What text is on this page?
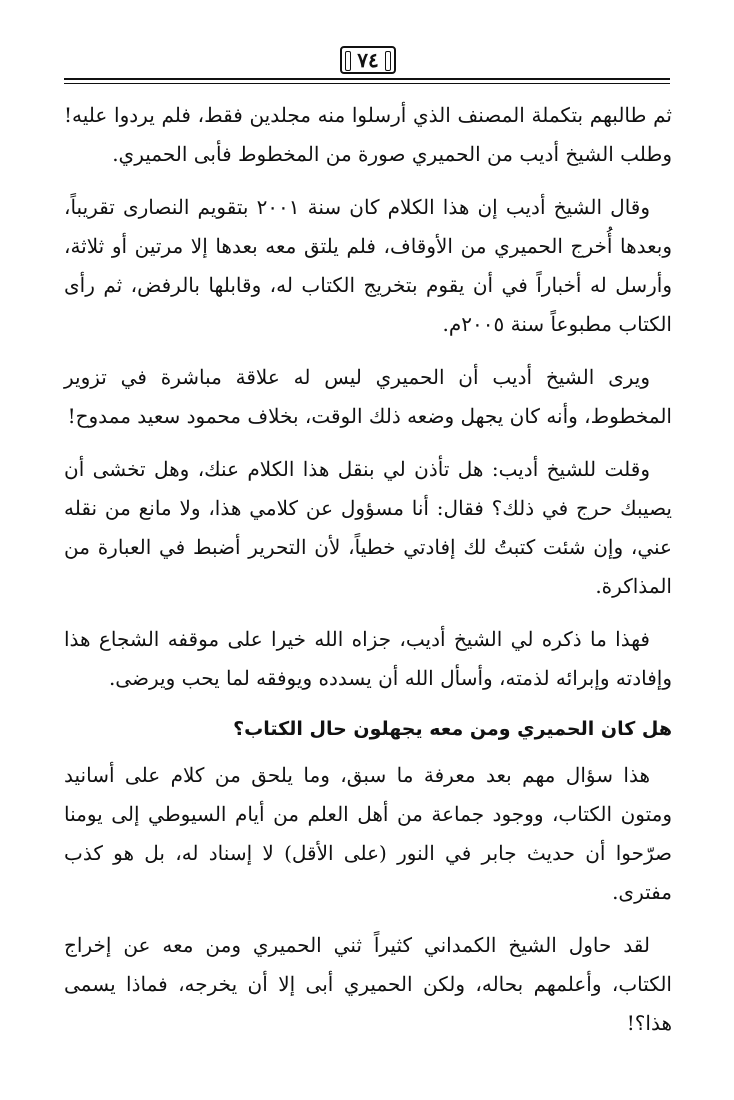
٧٤

ثم طالبهم بتكملة المصنف الذي أرسلوا منه مجلدين فقط، فلم يردوا عليه! وطلب الشيخ أديب من الحميري صورة من المخطوط فأبى الحميري.

وقال الشيخ أديب إن هذا الكلام كان سنة ٢٠٠١ بتقويم النصارى تقريباً، وبعدها أُخرج الحميري من الأوقاف، فلم يلتق معه بعدها إلا مرتين أو ثلاثة، وأرسل له أخباراً في أن يقوم بتخريج الكتاب له، وقابلها بالرفض، ثم رأى الكتاب مطبوعاً سنة ٢٠٠٥م.

ويرى الشيخ أديب أن الحميري ليس له علاقة مباشرة في تزوير المخطوط، وأنه كان يجهل وضعه ذلك الوقت، بخلاف محمود سعيد ممدوح!

وقلت للشيخ أديب: هل تأذن لي بنقل هذا الكلام عنك، وهل تخشى أن يصيبك حرج في ذلك؟ فقال: أنا مسؤول عن كلامي هذا، ولا مانع من نقله عني، وإن شئت كتبتُ لك إفادتي خطياً، لأن التحرير أضبط في العبارة من المذاكرة.

فهذا ما ذكره لي الشيخ أديب، جزاه الله خيرا على موقفه الشجاع هذا وإفادته وإبرائه لذمته، وأسأل الله أن يسدده ويوفقه لما يحب ويرضى.

هل كان الحميري ومن معه يجهلون حال الكتاب؟

هذا سؤال مهم بعد معرفة ما سبق، وما يلحق من كلام على أسانيد ومتون الكتاب، ووجود جماعة من أهل العلم من أيام السيوطي إلى يومنا صرّحوا أن حديث جابر في النور (على الأقل) لا إسناد له، بل هو كذب مفترى.

لقد حاول الشيخ الكمداني كثيراً ثني الحميري ومن معه عن إخراج الكتاب، وأعلمهم بحاله، ولكن الحميري أبى إلا أن يخرجه، فماذا يسمى هذا؟!
